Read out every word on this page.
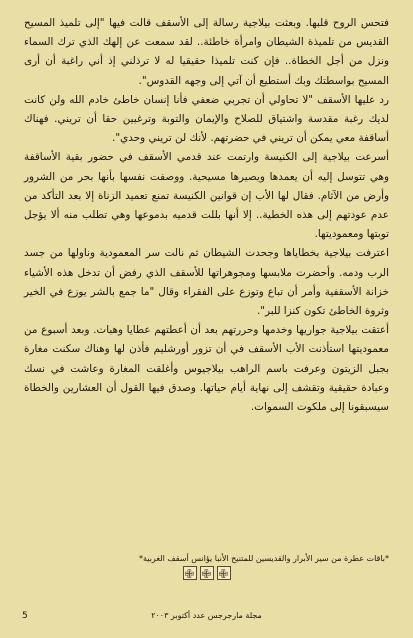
فتحس الروح قلبها. وبعثت بيلاجية رسالة إلى الأسقف قالت فيها "إلى تلميذ المسيح القديس من تلميذة الشيطان وامرأة خاطئة.. لقد سمعت عن إلهك الذي ترك السماء ونزل من أجل الخطاة.. فإن كنت تلميذا حقيقيا له لا ترذلني إذ أني راغبة أن أرى المسيح بواسطتك وبك أستطيع أن آتي إلى وجهه القدوس".

رد عليها الأسقف "لا تحاولي أن تجربي ضعفي فأنا إنسان خاطئ خادم الله ولن كانت لديك رغبة مقدسة واشتياق للصلاح والإيمان والتوبة وترغبين حقا أن تريني. فهناك أساقفة معي يمكن أن تريني في حضرتهم. لأنك لن تريني وحدي".

أسرعت بيلاجية إلى الكنيسة وارتمت عند قدمي الأسقف في حضور بقية الأساقفة وهي تتوسل إليه أن يعمدها ويصيرها مسيحية. ووصفت نفسها بأنها بحر من الشرور وأرض من الآثام. فقال لها الأب إن قوانين الكنيسة تمنع تعميد الزناة إلا بعد التأكد من عدم عودتهم إلى هذه الخطية.. إلا أنها بللت قدميه بدموعها وهي تطلب منه ألا يؤجل توبتها ومعموديتها.

اعترفت بيلاجية بخطاياها وجحدت الشيطان ثم نالت سر المعمودية وناولها من جسد الرب ودمه. وأحضرت ملابسها ومجوهراتها للأسقف الذي رفض أن تدخل هذه الأشياء خزانة الأسقفية وأمر أن تباع وتوزع على الفقراء وقال "ما جمع بالشر يوزع في الخير وثروة الخاطئ تكون كنزا للبر".

أعتقت بيلاجية جواريها وخدمها وحررتهم بعد أن أعطتهم عطايا وهبات. وبعد أسبوع من معموديتها استأذنت الأب الأسقف في أن تزور أورشليم فأذن لها وهناك سكنت مغارة بجبل الزيتون وعرفت باسم الراهب بيلاجيوس وأغلقت المغارة وعاشت في نسك وعبادة حقيقية وتقشف إلى نهاية أيام حياتها. وصدق فيها القول أن العشارين والخطاة سيسبقونا إلى ملكوت السموات.

*باقات عطرة من سير الأبرار والقديسين للمتنيح الأنبا يؤانس أسقف الغربية*
✙ ✙ ✙
5	مجلة مارجرجس عدد أكتوبر ٢٠٠٣
